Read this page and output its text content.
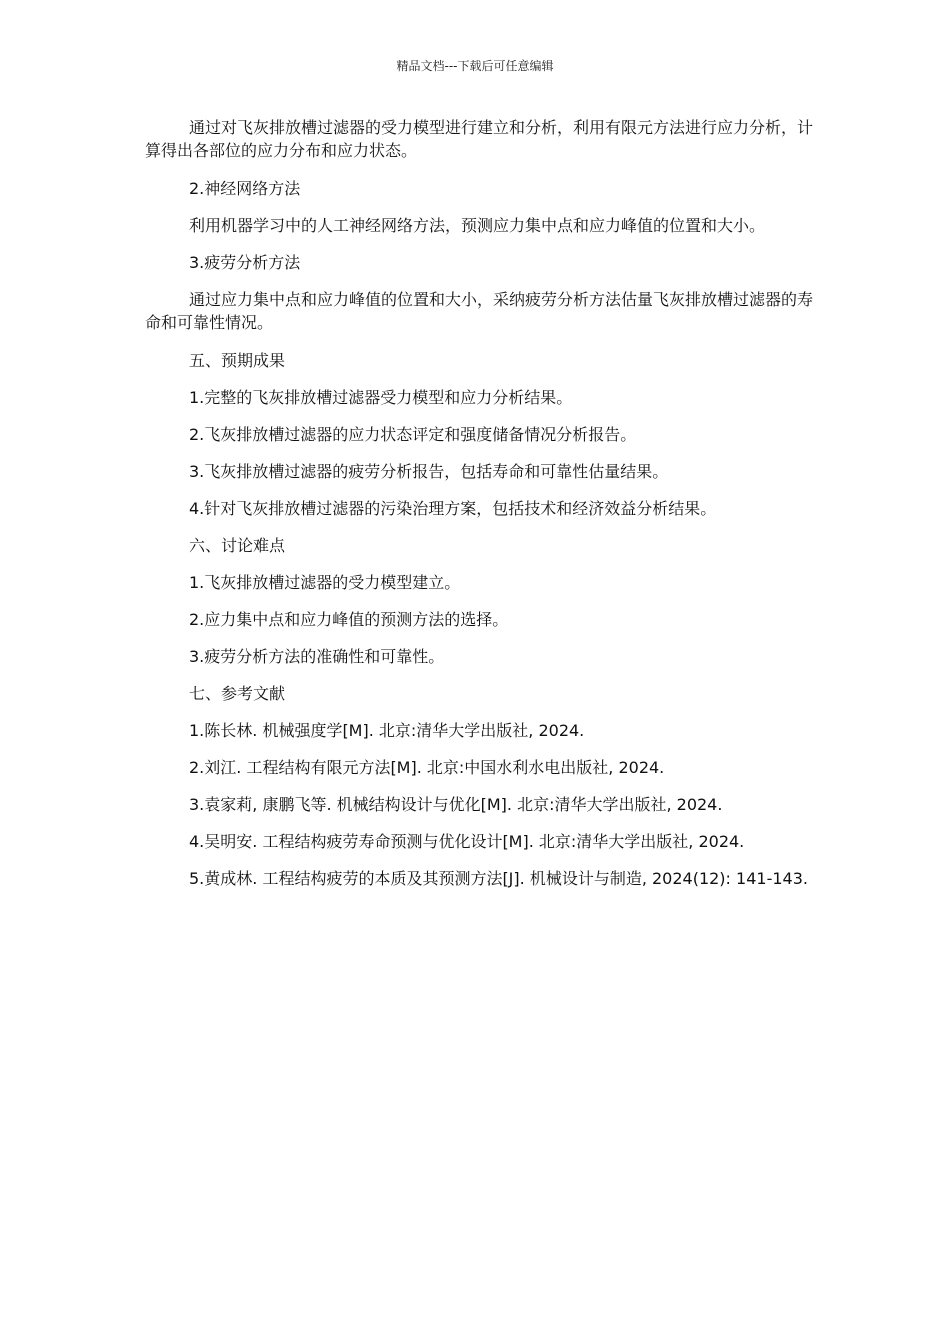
精品文档---下载后可任意编辑

通过对飞灰排放槽过滤器的受力模型进行建立和分析，利用有限元方法进行应力分析，计算得出各部位的应力分布和应力状态。

2.神经网络方法

利用机器学习中的人工神经网络方法，预测应力集中点和应力峰值的位置和大小。

3.疲劳分析方法

通过应力集中点和应力峰值的位置和大小，采纳疲劳分析方法估量飞灰排放槽过滤器的寿命和可靠性情况。

五、预期成果

1.完整的飞灰排放槽过滤器受力模型和应力分析结果。

2.飞灰排放槽过滤器的应力状态评定和强度储备情况分析报告。

3.飞灰排放槽过滤器的疲劳分析报告，包括寿命和可靠性估量结果。

4.针对飞灰排放槽过滤器的污染治理方案，包括技术和经济效益分析结果。

六、讨论难点

1.飞灰排放槽过滤器的受力模型建立。

2.应力集中点和应力峰值的预测方法的选择。

3.疲劳分析方法的准确性和可靠性。

七、参考文献

1.陈长林. 机械强度学[M]. 北京:清华大学出版社, 2024.

2.刘江. 工程结构有限元方法[M]. 北京:中国水利水电出版社, 2024.

3.袁家莉, 康鹏飞等. 机械结构设计与优化[M]. 北京:清华大学出版社, 2024.

4.吴明安. 工程结构疲劳寿命预测与优化设计[M]. 北京:清华大学出版社, 2024.

5.黄成林. 工程结构疲劳的本质及其预测方法[J]. 机械设计与制造, 2024(12): 141-143.
